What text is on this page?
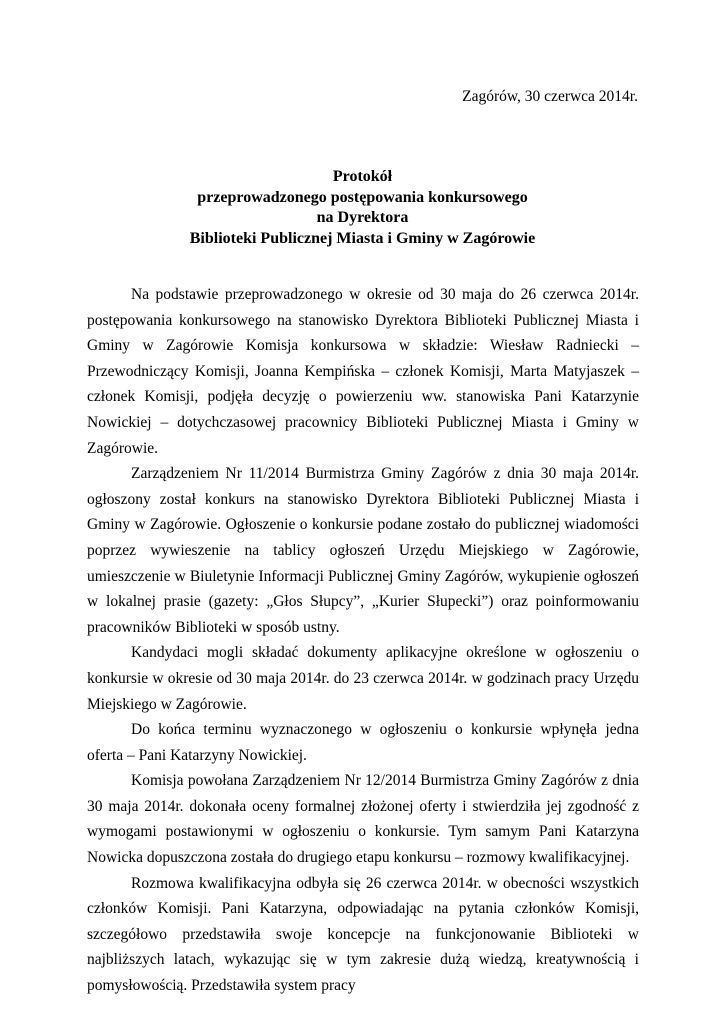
Zagórów, 30 czerwca 2014r.
Protokół
przeprowadzonego postępowania konkursowego
na Dyrektora
Biblioteki Publicznej Miasta i Gminy w Zagórowie

Na podstawie przeprowadzonego w okresie od 30 maja do 26 czerwca 2014r. postępowania konkursowego na stanowisko Dyrektora Biblioteki Publicznej Miasta i Gminy w Zagórowie Komisja konkursowa w składzie: Wiesław Radniecki – Przewodniczący Komisji, Joanna Kempińska – członek Komisji, Marta Matyjaszek – członek Komisji, podjęła decyzję o powierzeniu ww. stanowiska Pani Katarzynie Nowickiej – dotychczasowej pracownicy Biblioteki Publicznej Miasta i Gminy w Zagórowie.

Zarządzeniem Nr 11/2014 Burmistrza Gminy Zagórów z dnia 30 maja 2014r. ogłoszony został konkurs na stanowisko Dyrektora Biblioteki Publicznej Miasta i Gminy w Zagórowie. Ogłoszenie o konkursie podane zostało do publicznej wiadomości poprzez wywieszenie na tablicy ogłoszeń Urzędu Miejskiego w Zagórowie, umieszczenie w Biuletynie Informacji Publicznej Gminy Zagórów, wykupienie ogłoszeń w lokalnej prasie (gazety: „Głos Słupcy”, „Kurier Słupecki”) oraz poinformowaniu pracowników Biblioteki w sposób ustny.

Kandydaci mogli składać dokumenty aplikacyjne określone w ogłoszeniu o konkursie w okresie od 30 maja 2014r. do 23 czerwca 2014r. w godzinach pracy Urzędu Miejskiego w Zagórowie.

Do końca terminu wyznaczonego w ogłoszeniu o konkursie wpłynęła jedna oferta – Pani Katarzyny Nowickiej.

Komisja powołana Zarządzeniem Nr 12/2014 Burmistrza Gminy Zagórów z dnia 30 maja 2014r. dokonała oceny formalnej złożonej oferty i stwierdziła jej zgodność z wymogami postawionymi w ogłoszeniu o konkursie. Tym samym Pani Katarzyna Nowicka dopuszczona została do drugiego etapu konkursu – rozmowy kwalifikacyjnej.

Rozmowa kwalifikacyjna odbyła się 26 czerwca 2014r. w obecności wszystkich członków Komisji. Pani Katarzyna, odpowiadając na pytania członków Komisji, szczegółowo przedstawiła swoje koncepcje na funkcjonowanie Biblioteki w najbliższych latach, wykazując się w tym zakresie dużą wiedzą, kreatywnością i pomysłowością. Przedstawiła system pracy
